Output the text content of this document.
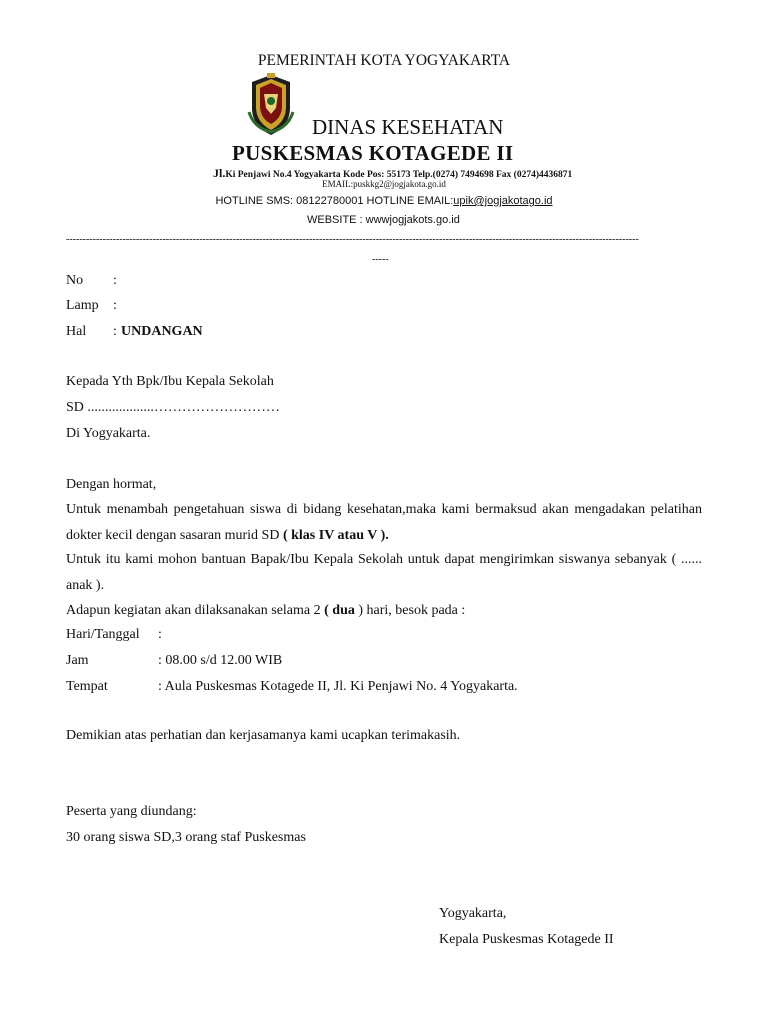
PEMERINTAH KOTA YOGYAKARTA
DINAS KESEHATAN
PUSKESMAS KOTAGEDE II
Jl.Ki Penjawi No.4 Yogyakarta Kode Pos: 55173 Telp.(0274) 7494698 Fax (0274)4436871
EMAIL:puskkg2@jogjakota.go.id
HOTLINE SMS: 08122780001 HOTLINE EMAIL:upik@jogjakotago.id
WEBSITE : wwwjogjakots.go.id
----------------------------------------------------------------------------------------------------------------------------------------------------------------------------
-----
No :
Lamp :
Hal : UNDANGAN
Kepada Yth Bpk/Ibu Kepala Sekolah
SD ...................………………………
Di Yogyakarta.
Dengan hormat,
Untuk menambah pengetahuan siswa di bidang kesehatan,maka kami bermaksud akan mengadakan pelatihan dokter kecil dengan sasaran murid SD ( klas IV atau V ).
Untuk itu kami mohon bantuan Bapak/Ibu Kepala Sekolah untuk dapat mengirimkan siswanya sebanyak ( ...... anak ).
Adapun kegiatan akan dilaksanakan selama 2 ( dua ) hari, besok pada :
Hari/Tanggal :
Jam	: 08.00 s/d 12.00 WIB
Tempat	: Aula Puskesmas Kotagede II, Jl. Ki Penjawi No. 4 Yogyakarta.
Demikian atas perhatian dan kerjasamanya kami ucapkan terimakasih.
Peserta yang diundang:
30 orang siswa SD,3 orang staf Puskesmas
Yogyakarta,
Kepala Puskesmas Kotagede II
